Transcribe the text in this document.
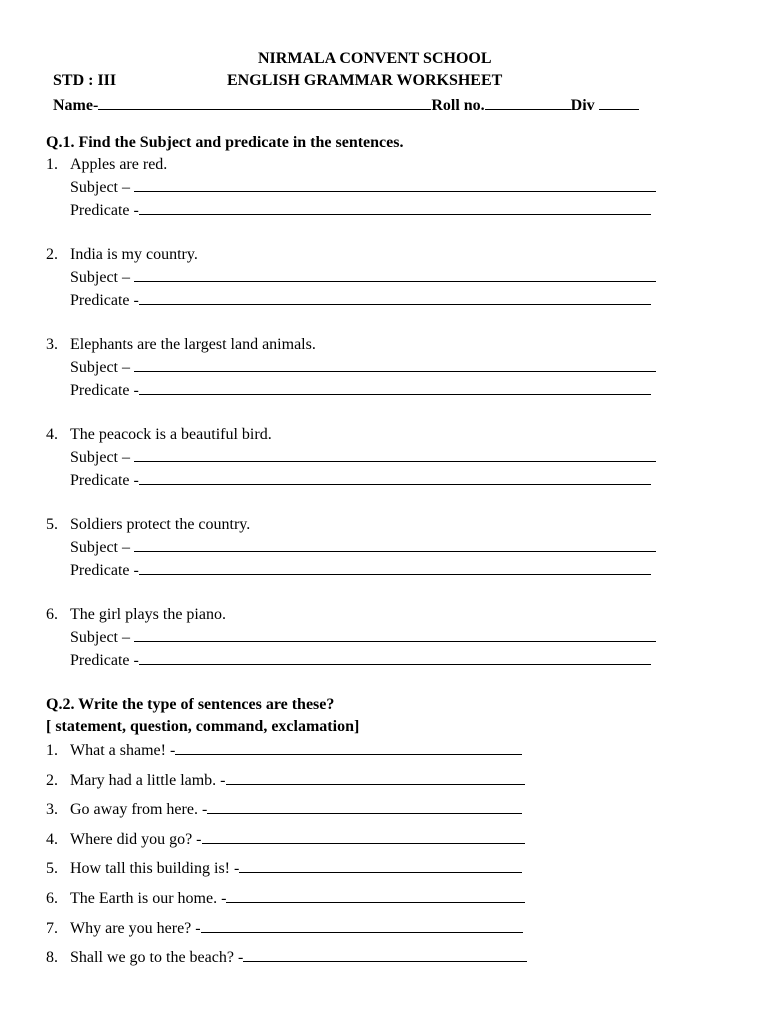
NIRMALA CONVENT SCHOOL
STD : III	ENGLISH GRAMMAR WORKSHEET
Name-	Roll no.	Div
Q.1. Find the Subject and predicate in the sentences.
1. Apples are red.
Subject –
Predicate -
2. India is my country.
Subject –
Predicate -
3. Elephants are the largest land animals.
Subject –
Predicate -
4. The peacock is a beautiful bird.
Subject –
Predicate -
5. Soldiers protect the country.
Subject –
Predicate -
6. The girl plays the piano.
Subject –
Predicate -
Q.2. Write the type of sentences are these?
[ statement, question, command, exclamation]
1. What a shame! -
2. Mary had a little lamb. -
3. Go away from here. -
4. Where did you go? -
5. How tall this building is! -
6. The Earth is our home. -
7. Why are you here? -
8. Shall we go to the beach? -
